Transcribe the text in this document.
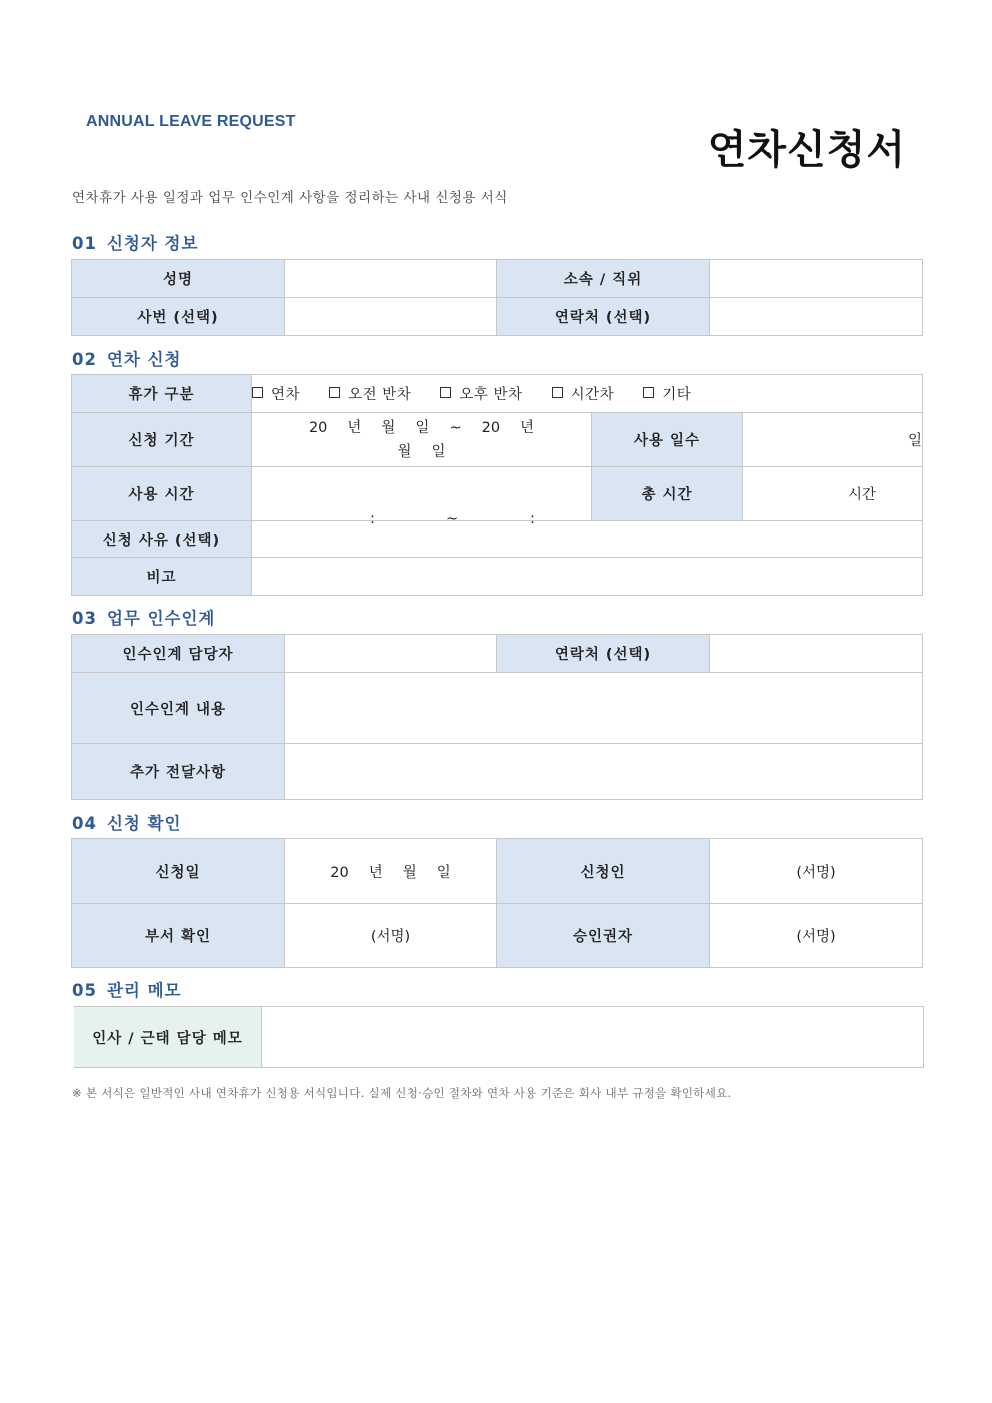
ANNUAL LEAVE REQUEST
연차신청서
연차휴가 사용 일정과 업무 인수인계 사항을 정리하는 사내 신청용 서식
01 신청자 정보
성명		소속 / 직위	
사번 (선택)		연락처 (선택)	
02 연차 신청
휴가 구분	연차 오전 반차 오후 반차 시간차 기타		
신청 기간	20 년 월 일 ~ 20 년
월 일	사용 일수	일
사용 시간	: ~ :	총 시간	시간
신청 사유 (선택)			
비고			
03 업무 인수인계
인수인계 담당자		연락처 (선택)	
인수인계 내용			
추가 전달사항			
04 신청 확인
신청일	20 년 월 일	신청인	(서명)
부서 확인	(서명)	승인권자	(서명)
05 관리 메모
인사 / 근태 담당 메모	
※ 본 서식은 일반적인 사내 연차휴가 신청용 서식입니다. 실제 신청·승인 절차와 연차 사용 기준은 회사 내부 규정을 확인하세요.
